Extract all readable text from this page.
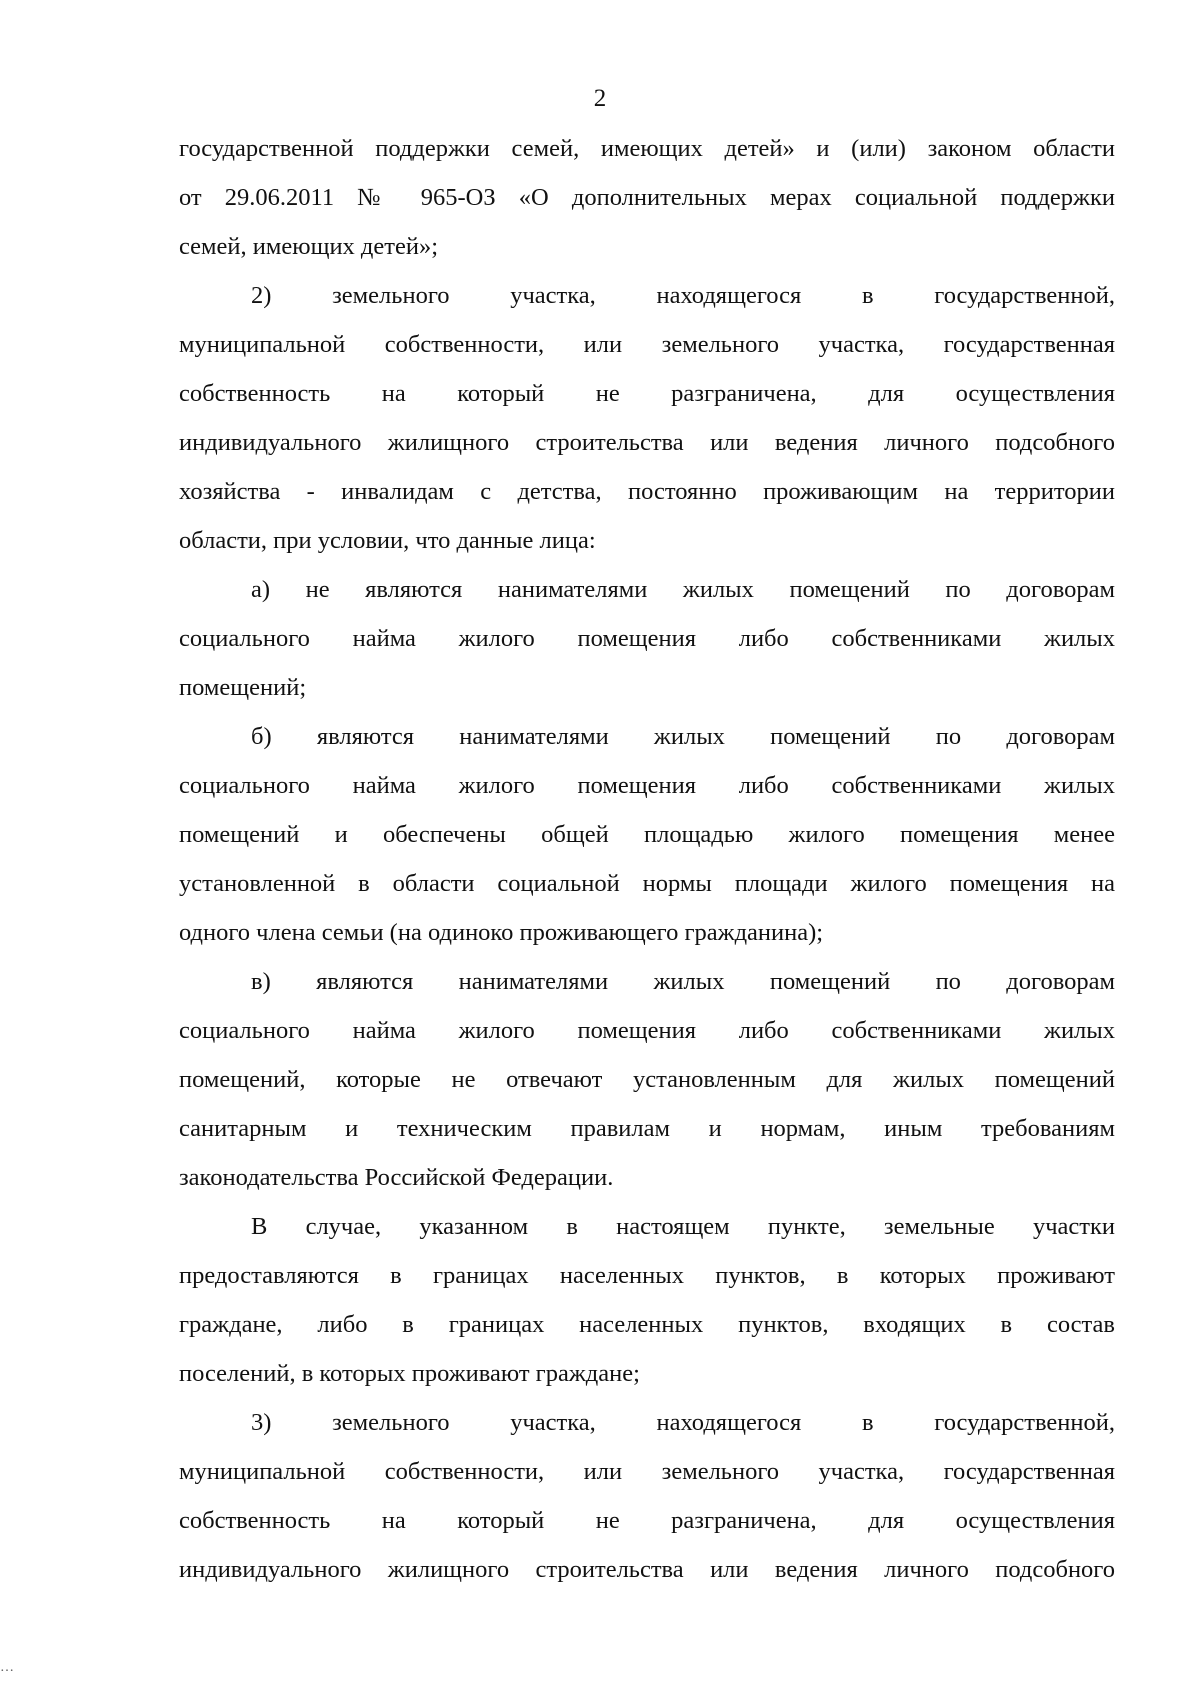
2
государственной поддержки семей, имеющих детей» и (или) законом области
от 29.06.2011 № 965-ОЗ «О дополнительных мерах социальной поддержки
семей, имеющих детей»;
2) земельного участка, находящегося в государственной,
муниципальной собственности, или земельного участка, государственная
собственность на который не разграничена, для осуществления
индивидуального жилищного строительства или ведения личного подсобного
хозяйства - инвалидам с детства, постоянно проживающим на территории
области, при условии, что данные лица:
а) не являются нанимателями жилых помещений по договорам
социального найма жилого помещения либо собственниками жилых
помещений;
б) являются нанимателями жилых помещений по договорам
социального найма жилого помещения либо собственниками жилых
помещений и обеспечены общей площадью жилого помещения менее
установленной в области социальной нормы площади жилого помещения на
одного члена семьи (на одиноко проживающего гражданина);
в) являются нанимателями жилых помещений по договорам
социального найма жилого помещения либо собственниками жилых
помещений, которые не отвечают установленным для жилых помещений
санитарным и техническим правилам и нормам, иным требованиям
законодательства Российской Федерации.
В случае, указанном в настоящем пункте, земельные участки
предоставляются в границах населенных пунктов, в которых проживают
граждане, либо в границах населенных пунктов, входящих в состав
поселений, в которых проживают граждане;
3) земельного участка, находящегося в государственной,
муниципальной собственности, или земельного участка, государственная
собственность на который не разграничена, для осуществления
индивидуального жилищного строительства или ведения личного подсобного
…
